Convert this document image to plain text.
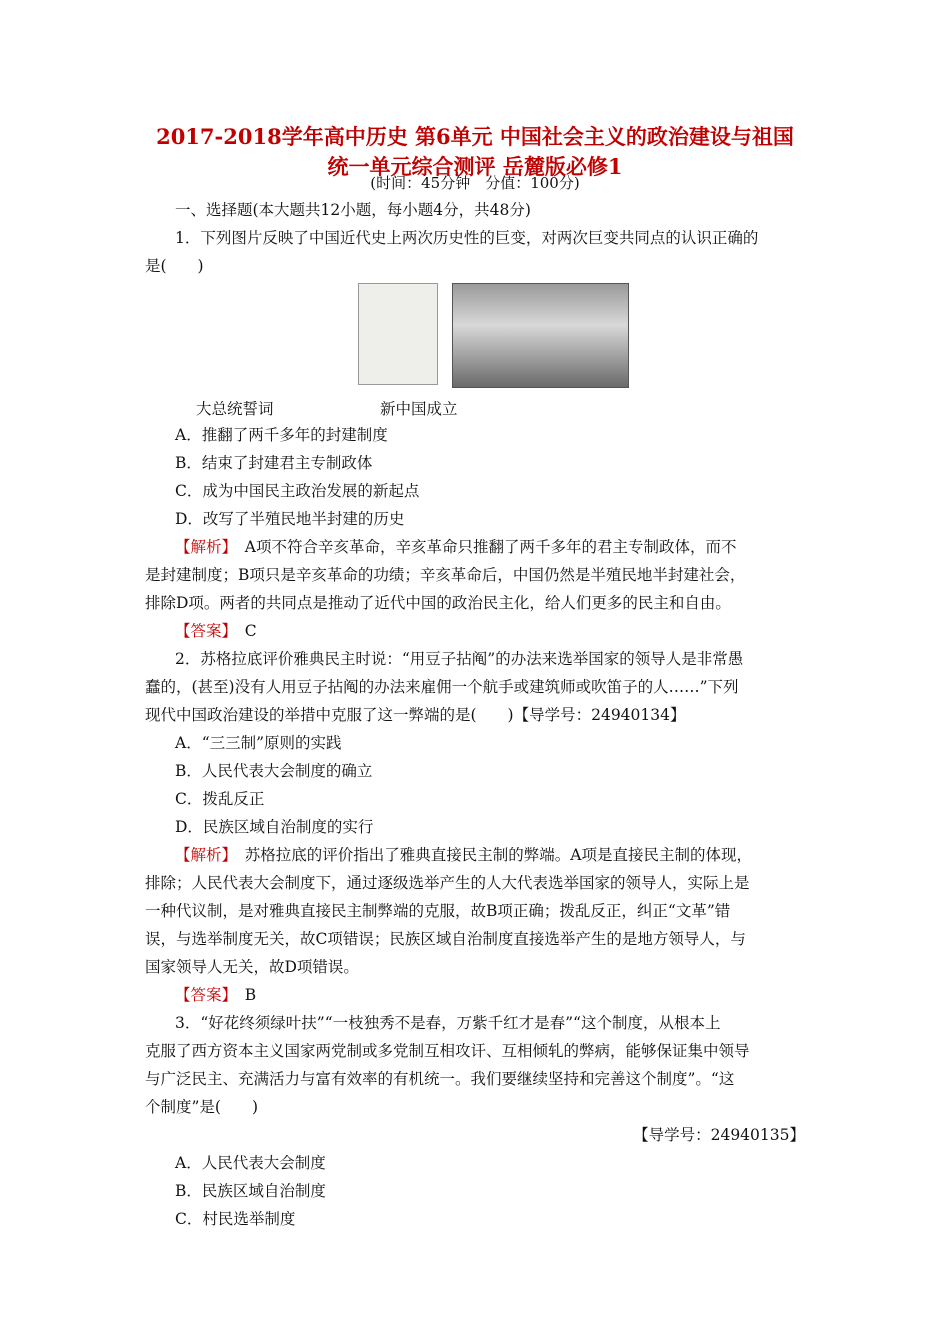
2017-2018学年高中历史 第6单元 中国社会主义的政治建设与祖国
统一单元综合测评 岳麓版必修1
(时间：45分钟　分值：100分)
一、选择题(本大题共12小题，每小题4分，共48分)
1．下列图片反映了中国近代史上两次历史性的巨变，对两次巨变共同点的认识正确的
是(　　)
大总统誓词	新中国成立
A．推翻了两千多年的封建制度
B．结束了封建君主专制政体
C．成为中国民主政治发展的新起点
D．改写了半殖民地半封建的历史
【解析】　A项不符合辛亥革命，辛亥革命只推翻了两千多年的君主专制政体，而不
是封建制度；B项只是辛亥革命的功绩；辛亥革命后，中国仍然是半殖民地半封建社会，
排除D项。两者的共同点是推动了近代中国的政治民主化，给人们更多的民主和自由。
【答案】　C
2．苏格拉底评价雅典民主时说：“用豆子拈阄”的办法来选举国家的领导人是非常愚
蠢的，(甚至)没有人用豆子拈阄的办法来雇佣一个航手或建筑师或吹笛子的人……”下列
现代中国政治建设的举措中克服了这一弊端的是(　　)【导学号：24940134】
A．“三三制”原则的实践
B．人民代表大会制度的确立
C．拨乱反正
D．民族区域自治制度的实行
【解析】　苏格拉底的评价指出了雅典直接民主制的弊端。A项是直接民主制的体现，
排除；人民代表大会制度下，通过逐级选举产生的人大代表选举国家的领导人，实际上是
一种代议制，是对雅典直接民主制弊端的克服，故B项正确；拨乱反正，纠正“文革”错
误，与选举制度无关，故C项错误；民族区域自治制度直接选举产生的是地方领导人，与
国家领导人无关，故D项错误。
【答案】　B
3．“好花终须绿叶扶”“一枝独秀不是春，万紫千红才是春”“这个制度，从根本上
克服了西方资本主义国家两党制或多党制互相攻讦、互相倾轧的弊病，能够保证集中领导
与广泛民主、充满活力与富有效率的有机统一。我们要继续坚持和完善这个制度”。“这
个制度”是(　　)
【导学号：24940135】
A．人民代表大会制度
B．民族区域自治制度
C．村民选举制度
